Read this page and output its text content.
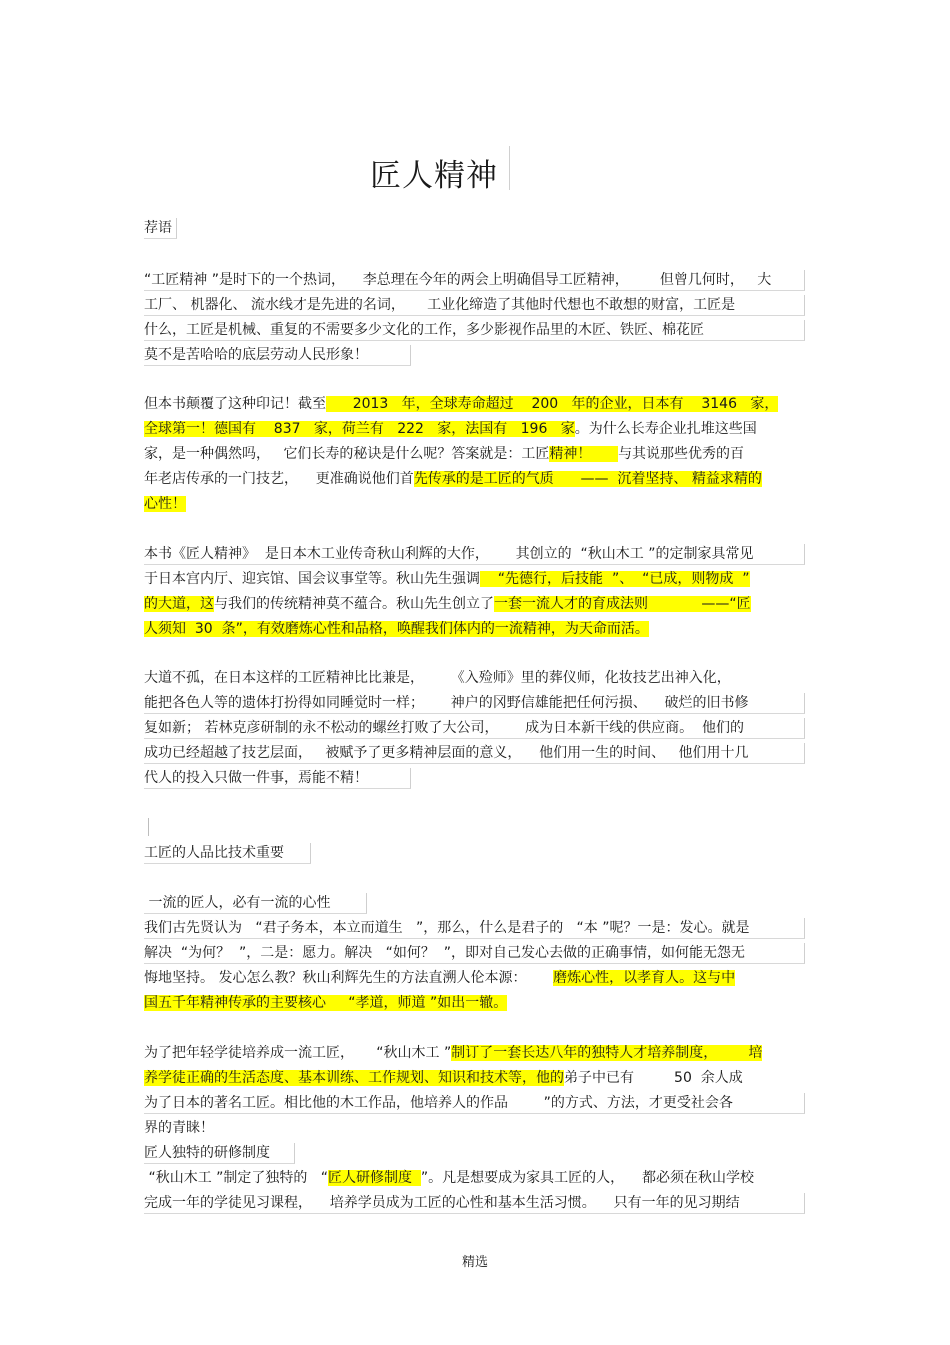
匠人精神
荐语
“工匠精神 ”是时下的一个热词，    李总理在今年的两会上明确倡导工匠精神，       但曾几何时，   大
工厂、 机器化、 流水线才是先进的名词，     工业化缔造了其他时代想也不敢想的财富，工匠是
什么，工匠是机械、重复的不需要多少文化的工作，多少影视作品里的木匠、铁匠、棉花匠
莫不是苦哈哈的底层劳动人民形象！
但本书颠覆了这种印记！截至      2013   年，全球寿命超过    200   年的企业，日本有    3146   家，
全球第一！德国有    837   家，荷兰有   222   家，法国有   196   家。为什么长寿企业扎堆这些国
家，是一种偶然吗，   它们长寿的秘诀是什么呢？答案就是：工匠精神！      与其说那些优秀的百
年老店传承的一门技艺，    更准确说他们首先传承的是工匠的气质      ——  沉着坚持、 精益求精的
心性！
本书《匠人精神》  是日本木工业传奇秋山利辉的大作，      其创立的  “秋山木工 ”的定制家具常见
于日本宫内厅、迎宾馆、国会议事堂等。秋山先生强调    “先德行，后技能  ”、  “已成，则物成  ”
的大道，这与我们的传统精神莫不蕴合。秋山先生创立了一套一流人才的育成法则            ——“匠
人须知  30  条”，有效磨炼心性和品格，唤醒我们体内的一流精神，为天命而活。
大道不孤，在日本这样的工匠精神比比兼是，      《入殓师》里的葬仪师，化妆技艺出神入化，
能把各色人等的遗体打扮得如同睡觉时一样；      神户的冈野信雄能把任何污损、    破烂的旧书修
复如新； 若林克彦研制的永不松动的螺丝打败了大公司，      成为日本新干线的供应商。  他们的
成功已经超越了技艺层面，   被赋予了更多精神层面的意义，    他们用一生的时间、   他们用十几
代人的投入只做一件事，焉能不精！
工匠的人品比技术重要
一流的匠人，必有一流的心性
我们古先贤认为   “君子务本，本立而道生   ”，那么，什么是君子的   “本 ”呢？一是：发心。就是
解决  “为何？  ”，二是：愿力。解决   “如何？  ”，即对自己发心去做的正确事情，如何能无怨无
悔地坚持。 发心怎么教？秋山利辉先生的方法直溯人伦本源：      磨炼心性，以孝育人。这与中
国五千年精神传承的主要核心     “孝道，师道 ”如出一辙。
为了把年轻学徒培养成一流工匠，     “秋山木工 ”制订了一套长达八年的独特人才培养制度，       培
养学徒正确的生活态度、基本训练、工作规划、知识和技术等，他的弟子中已有         50  余人成
为了日本的著名工匠。相比他的木工作品，他培养人的作品        ”的方式、方法，才更受社会各
界的青睐！
匠人独特的研修制度
“秋山木工 ”制定了独特的   “匠人研修制度  ”。凡是想要成为家具工匠的人，    都必须在秋山学校
完成一年的学徒见习课程，    培养学员成为工匠的心性和基本生活习惯。    只有一年的见习期结
精选
